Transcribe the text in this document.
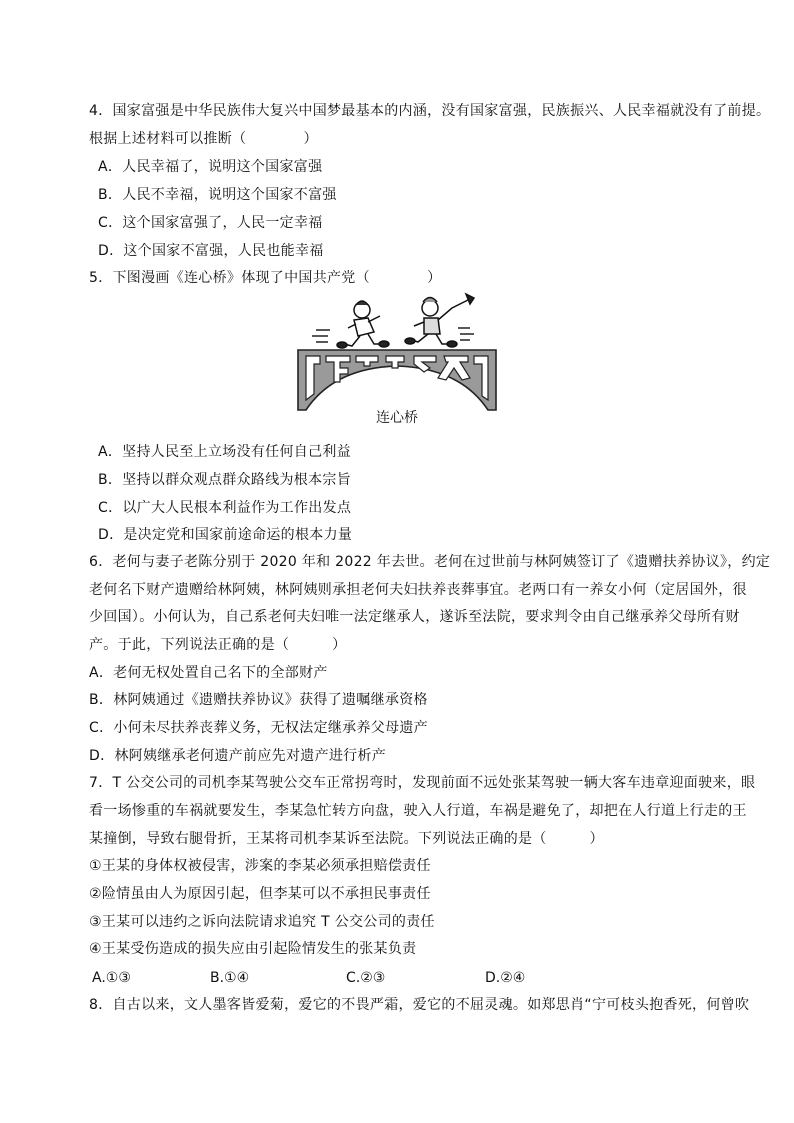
4．国家富强是中华民族伟大复兴中国梦最基本的内涵，没有国家富强，民族振兴、人民幸福就没有了前提。
根据上述材料可以推断（　　　　）
A．人民幸福了，说明这个国家富强
B．人民不幸福，说明这个国家不富强
C．这个国家富强了，人民一定幸福
D．这个国家不富强，人民也能幸福
5．下图漫画《连心桥》体现了中国共产党（　　　　）
连心桥
A．坚持人民至上立场没有任何自己利益
B．坚持以群众观点群众路线为根本宗旨
C．以广大人民根本利益作为工作出发点
D．是决定党和国家前途命运的根本力量
6．老何与妻子老陈分别于 2020 年和 2022 年去世。老何在过世前与林阿姨签订了《遗赠扶养协议》，约定
老何名下财产遗赠给林阿姨，林阿姨则承担老何夫妇扶养丧葬事宜。老两口有一养女小何（定居国外，很
少回国）。小何认为，自己系老何夫妇唯一法定继承人，遂诉至法院，要求判令由自己继承养父母所有财
产。于此，下列说法正确的是（　　　）
A．老何无权处置自己名下的全部财产
B．林阿姨通过《遗赠扶养协议》获得了遗嘱继承资格
C．小何未尽扶养丧葬义务，无权法定继承养父母遗产
D．林阿姨继承老何遗产前应先对遗产进行析产
7．T 公交公司的司机李某驾驶公交车正常拐弯时，发现前面不远处张某驾驶一辆大客车违章迎面驶来，眼
看一场惨重的车祸就要发生，李某急忙转方向盘，驶入人行道，车祸是避免了，却把在人行道上行走的王
某撞倒，导致右腿骨折，王某将司机李某诉至法院。下列说法正确的是（　　　）
①王某的身体权被侵害，涉案的李某必须承担赔偿责任
②险情虽由人为原因引起，但李某可以不承担民事责任
③王某可以违约之诉向法院请求追究 T 公交公司的责任
④王某受伤造成的损失应由引起险情发生的张某负责
A.①③	B.①④	C.②③	D.②④
8．自古以来，文人墨客皆爱菊，爱它的不畏严霜，爱它的不屈灵魂。如郑思肖“宁可枝头抱香死，何曾吹
